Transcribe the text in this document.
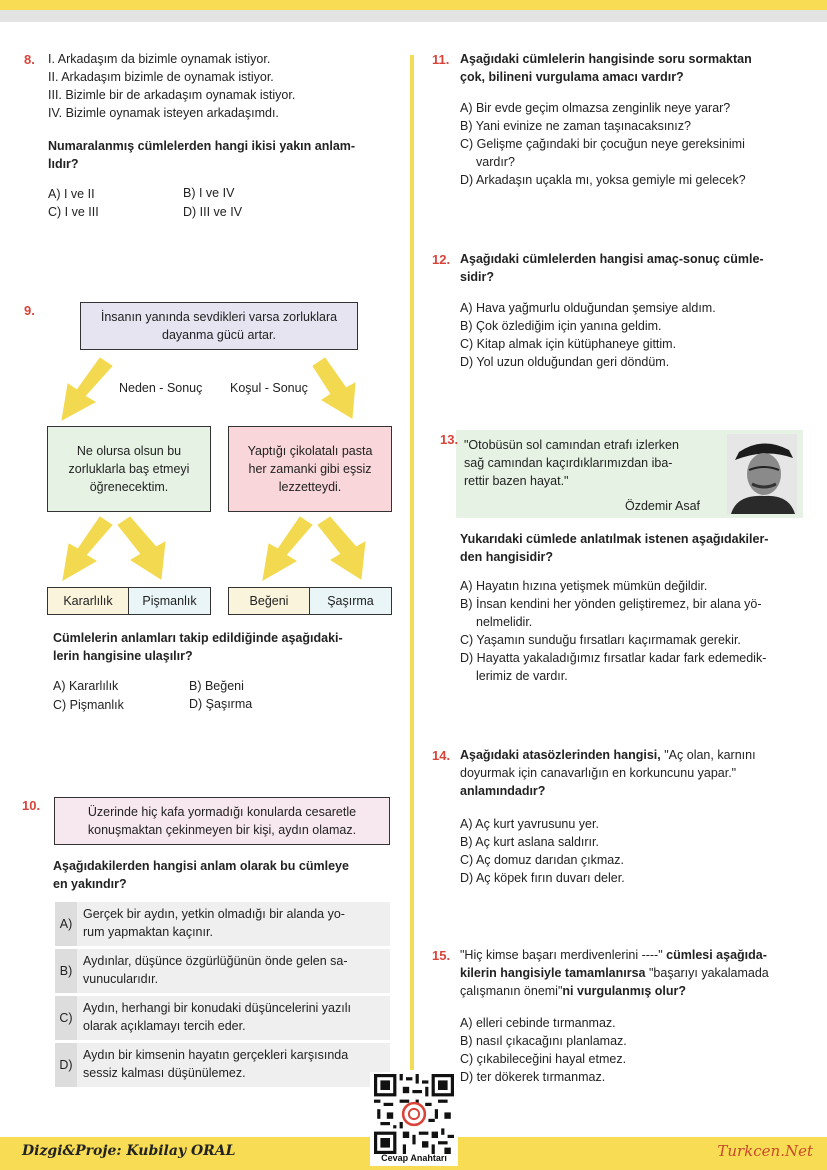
8. I. Arkadaşım da bizimle oynamak istiyor.
II. Arkadaşım bizimle de oynamak istiyor.
III. Bizimle bir de arkadaşım oynamak istiyor.
IV. Bizimle oynamak isteyen arkadaşımdı.
Numaralanmış cümlelerden hangi ikisi yakın anlam-
lıdır?
A) I ve II	B) I ve IV
C) I ve III	D) III ve IV
9.	İnsanın yanında sevdikleri varsa zorluklara
dayanma gücü artar.
Neden - Sonuç Koşul - Sonuç
Ne olursa olsun bu
zorluklarla baş etmeyi
öğrenecektim.
Yaptığı çikolatalı pasta
her zamanki gibi eşsiz
lezzetteydi.
Kararlılık	Pişmanlık	Beğeni	Şaşırma
Cümlelerin anlamları takip edildiğinde aşağıdaki-
lerin hangisine ulaşılır?
A) Kararlılık	B) Beğeni
C) Pişmanlık	D) Şaşırma
10.	Üzerinde hiç kafa yormadığı konularda cesaretle
konuşmaktan çekinmeyen bir kişi, aydın olamaz.
Aşağıdakilerden hangisi anlam olarak bu cümleye
en yakındır?
A)
Gerçek bir aydın, yetkin olmadığı bir alanda yo-
rum yapmaktan kaçınır.
B)
Aydınlar, düşünce özgürlüğünün önde gelen sa-
vunucularıdır.
C)
Aydın, herhangi bir konudaki düşüncelerini yazılı
olarak açıklamayı tercih eder.
D)
Aydın bir kimsenin hayatın gerçekleri karşısında
sessiz kalması düşünülemez.
11. Aşağıdaki cümlelerin hangisinde soru sormaktan
çok, bilineni vurgulama amacı vardır?
A) Bir evde geçim olmazsa zenginlik neye yarar?
B) Yani evinize ne zaman taşınacaksınız?
C) Gelişme çağındaki bir çocuğun neye gereksinimi
vardır?
D) Arkadaşın uçakla mı, yoksa gemiyle mi gelecek?
12. Aşağıdaki cümlelerden hangisi amaç-sonuç cümle-
sidir?
A) Hava yağmurlu olduğundan şemsiye aldım.
B) Çok özlediğim için yanına geldim.
C) Kitap almak için kütüphaneye gittim.
D) Yol uzun olduğundan geri döndüm.
13. "Otobüsün sol camından etrafı izlerken
sağ camından kaçırdıklarımızdan iba-
rettir bazen hayat."
Özdemir Asaf
Yukarıdaki cümlede anlatılmak istenen aşağıdakiler-
den hangisidir?
A) Hayatın hızına yetişmek mümkün değildir.
B) İnsan kendini her yönden geliştiremez, bir alana yö-
nelmelidir.
C) Yaşamın sunduğu fırsatları kaçırmamak gerekir.
D) Hayatta yakaladığımız fırsatlar kadar fark edemedik-
lerimiz de vardır.
14. Aşağıdaki atasözlerinden hangisi, "Aç olan, karnını
doyurmak için canavarlığın en korkuncunu yapar."
anlamındadır?
A) Aç kurt yavrusunu yer.
B) Aç kurt aslana saldırır.
C) Aç domuz darıdan çıkmaz.
D) Aç köpek fırın duvarı deler.
15. "Hiç kimse başarı merdivenlerini ----" cümlesi aşağıda-
kilerin hangisiyle tamamlanırsa "başarıyı yakalamada
çalışmanın önemi"ni vurgulanmış olur?
A) elleri cebinde tırmanmaz.
B) nasıl çıkacağını planlamaz.
C) çıkabileceğini hayal etmez.
D) ter dökerek tırmanmaz.
Dizgi&Proje: Kubilay ORAL	Turkcen.Net
Cevap Anahtarı
